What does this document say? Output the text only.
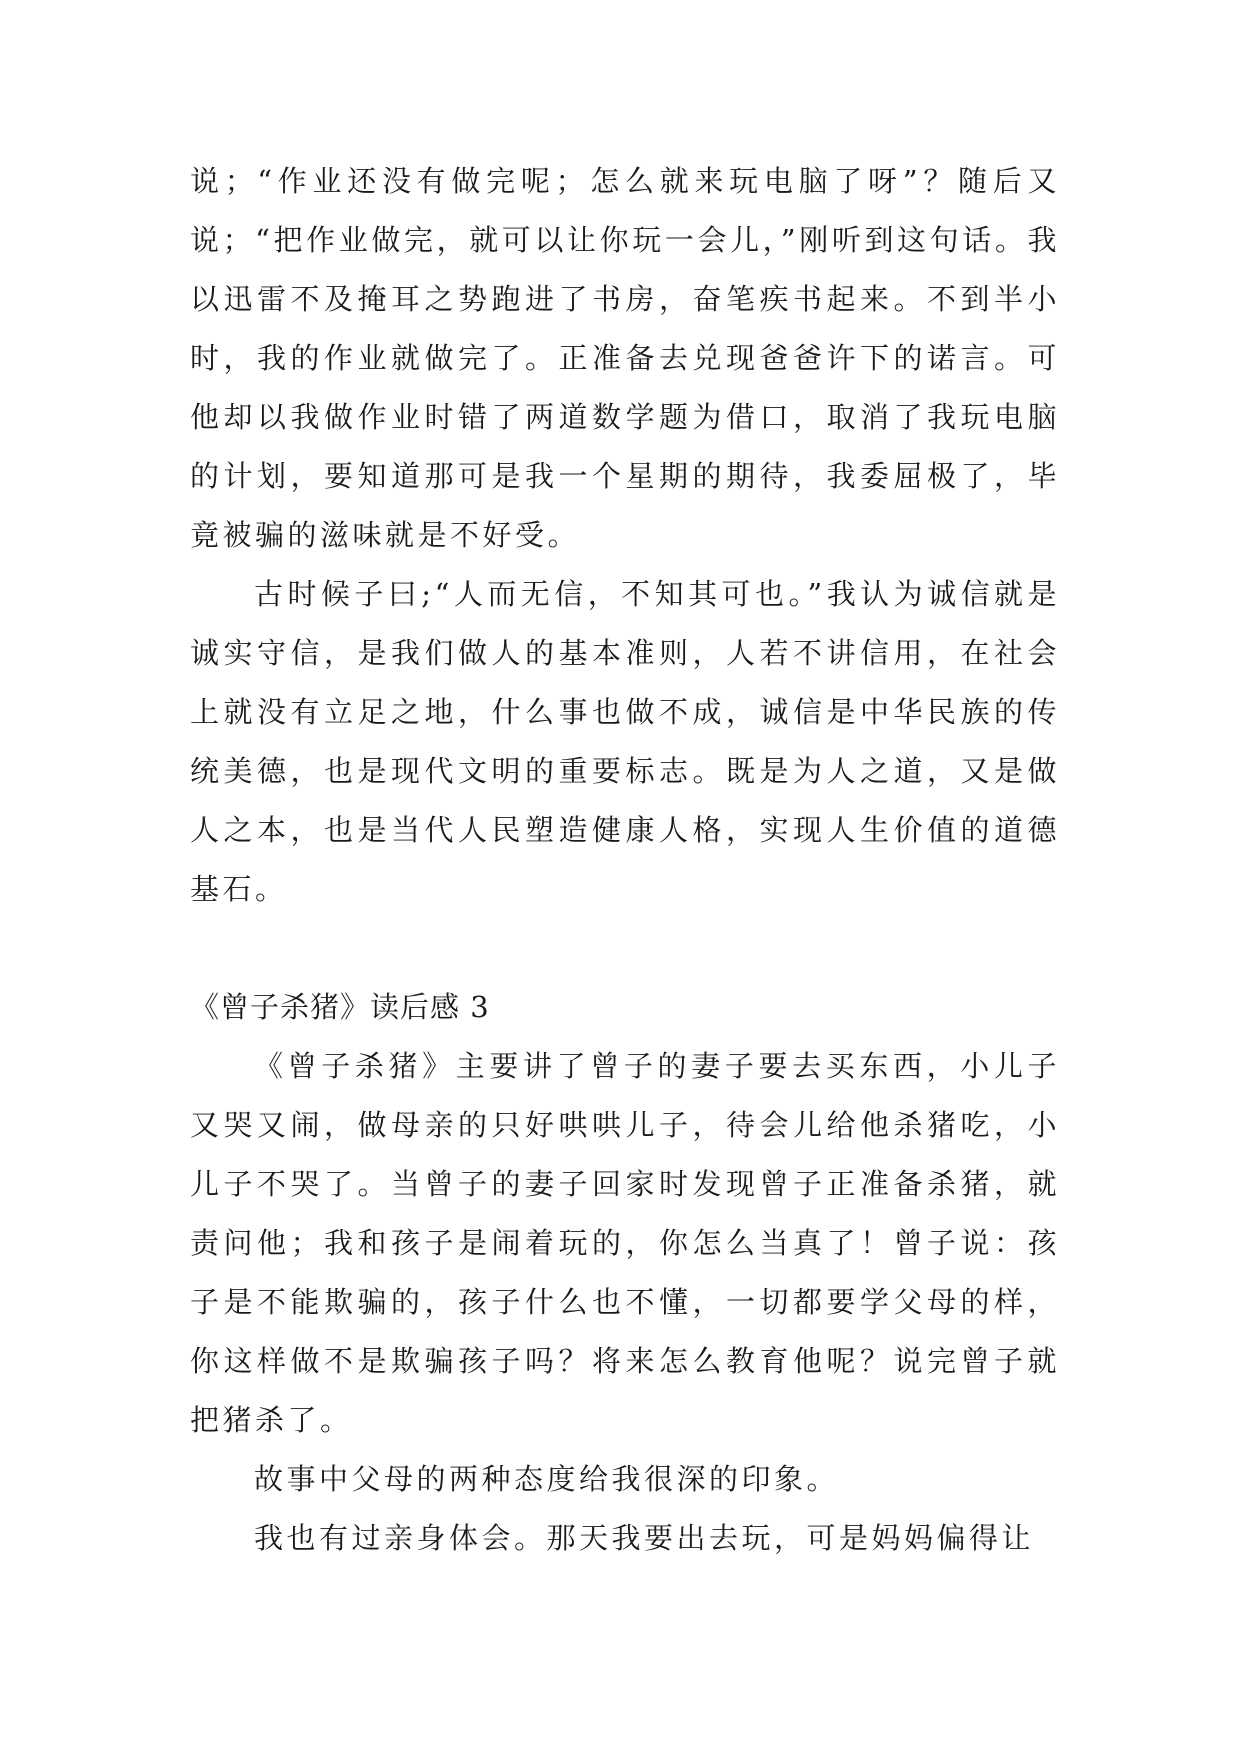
说；“作业还没有做完呢；怎么就来玩电脑了呀”？随后又说；“把作业做完，就可以让你玩一会儿，”刚听到这句话。我以迅雷不及掩耳之势跑进了书房，奋笔疾书起来。不到半小时，我的作业就做完了。正准备去兑现爸爸许下的诺言。可他却以我做作业时错了两道数学题为借口，取消了我玩电脑的计划，要知道那可是我一个星期的期待，我委屈极了，毕竟被骗的滋味就是不好受。

古时候子曰;“人而无信，不知其可也。”我认为诚信就是诚实守信，是我们做人的基本准则，人若不讲信用，在社会上就没有立足之地，什么事也做不成，诚信是中华民族的传统美德，也是现代文明的重要标志。既是为人之道，又是做人之本，也是当代人民塑造健康人格，实现人生价值的道德基石。

《曾子杀猪》读后感 3

《曾子杀猪》主要讲了曾子的妻子要去买东西，小儿子又哭又闹，做母亲的只好哄哄儿子，待会儿给他杀猪吃，小儿子不哭了。当曾子的妻子回家时发现曾子正准备杀猪，就责问他；我和孩子是闹着玩的，你怎么当真了！曾子说：孩子是不能欺骗的，孩子什么也不懂，一切都要学父母的样，你这样做不是欺骗孩子吗？将来怎么教育他呢？说完曾子就把猪杀了。

故事中父母的两种态度给我很深的印象。

我也有过亲身体会。那天我要出去玩，可是妈妈偏得让
